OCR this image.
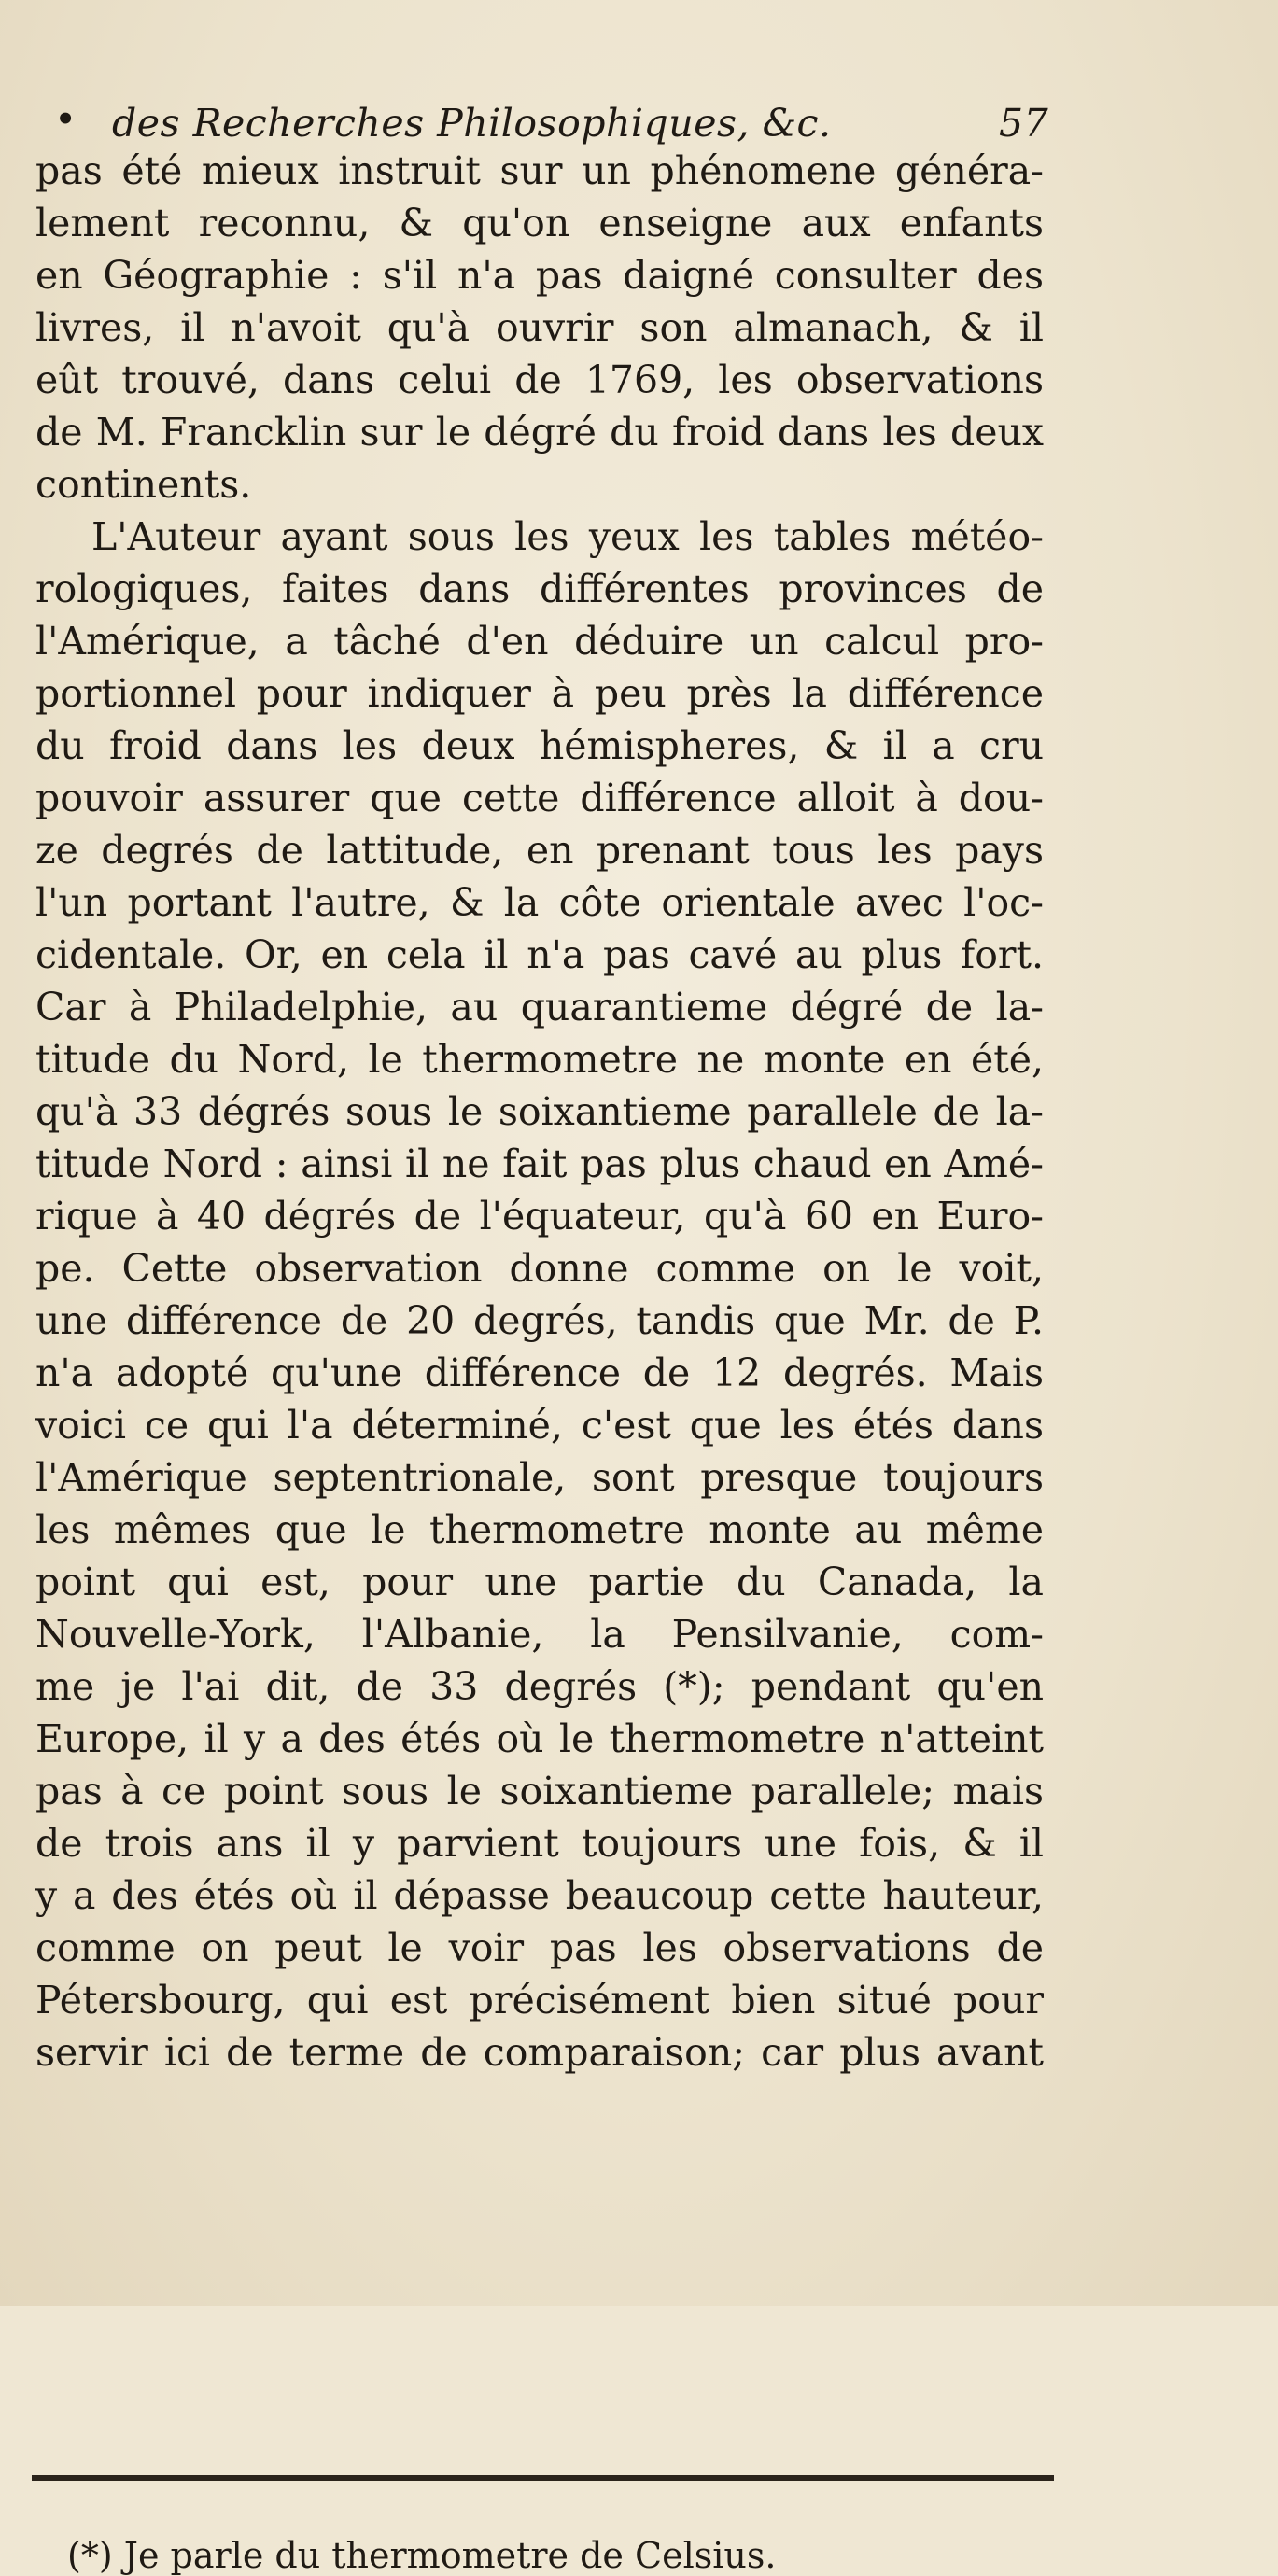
• des Recherches Philosophiques, &c.	57
pas été mieux instruit sur un phénomene généra-
lement reconnu, & qu'on enseigne aux enfants
en Géographie : s'il n'a pas daigné consulter des
livres, il n'avoit qu'à ouvrir son almanach, & il
eût trouvé, dans celui de 1769, les observations
de M. Francklin sur le dégré du froid dans les deux
continents.
L'Auteur ayant sous les yeux les tables météo-
rologiques, faites dans différentes provinces de
l'Amérique, a tâché d'en déduire un calcul pro-
portionnel pour indiquer à peu près la différence
du froid dans les deux hémispheres, & il a cru
pouvoir assurer que cette différence alloit à dou-
ze degrés de lattitude, en prenant tous les pays
l'un portant l'autre, & la côte orientale avec l'oc-
cidentale. Or, en cela il n'a pas cavé au plus fort.
Car à Philadelphie, au quarantieme dégré de la-
titude du Nord, le thermometre ne monte en été,
qu'à 33 dégrés sous le soixantieme parallele de la-
titude Nord : ainsi il ne fait pas plus chaud en Amé-
rique à 40 dégrés de l'équateur, qu'à 60 en Euro-
pe. Cette observation donne comme on le voit,
une différence de 20 degrés, tandis que Mr. de P.
n'a adopté qu'une différence de 12 degrés. Mais
voici ce qui l'a déterminé, c'est que les étés dans
l'Amérique septentrionale, sont presque toujours
les mêmes que le thermometre monte au même
point qui est, pour une partie du Canada, la
Nouvelle-York, l'Albanie, la Pensilvanie, com-
me je l'ai dit, de 33 degrés (*); pendant qu'en
Europe, il y a des étés où le thermometre n'atteint
pas à ce point sous le soixantieme parallele; mais
de trois ans il y parvient toujours une fois, & il
y a des étés où il dépasse beaucoup cette hauteur,
comme on peut le voir pas les observations de
Pétersbourg, qui est précisément bien situé pour
servir ici de terme de comparaison; car plus avant
(*) Je parle du thermometre de Celsius.
